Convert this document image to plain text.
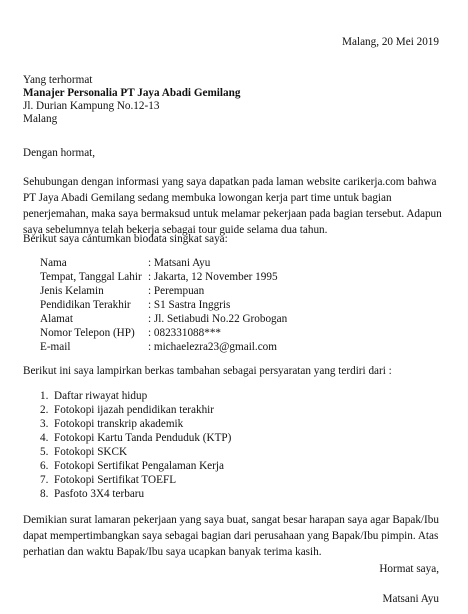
Malang, 20 Mei 2019
Yang terhormat
Manajer Personalia PT Jaya Abadi Gemilang
Jl. Durian Kampung No.12-13
Malang
Dengan hormat,
Sehubungan dengan informasi yang saya dapatkan pada laman website carikerja.com bahwa PT Jaya Abadi Gemilang sedang membuka lowongan kerja part time untuk bagian penerjemahan, maka saya bermaksud untuk melamar pekerjaan pada bagian tersebut. Adapun saya sebelumnya telah bekerja sebagai tour guide selama dua tahun.
Berikut saya cantumkan biodata singkat saya:
Nama	: Matsani Ayu
Tempat, Tanggal Lahir : Jakarta, 12 November 1995
Jenis Kelamin	: Perempuan
Pendidikan Terakhir : S1 Sastra Inggris
Alamat	: Jl. Setiabudi No.22 Grobogan
Nomor Telepon (HP) : 082331088***
E-mail	: michaelezra23@gmail.com
Berikut ini saya lampirkan berkas tambahan sebagai persyaratan yang terdiri dari :
1. Daftar riwayat hidup
2. Fotokopi ijazah pendidikan terakhir
3. Fotokopi transkrip akademik
4. Fotokopi Kartu Tanda Penduduk (KTP)
5. Fotokopi SKCK
6. Fotokopi Sertifikat Pengalaman Kerja
7. Fotokopi Sertifikat TOEFL
8. Pasfoto 3X4 terbaru
Demikian surat lamaran pekerjaan yang saya buat, sangat besar harapan saya agar Bapak/Ibu dapat mempertimbangkan saya sebagai bagian dari perusahaan yang Bapak/Ibu pimpin. Atas perhatian dan waktu Bapak/Ibu saya ucapkan banyak terima kasih.
Hormat saya,
Matsani Ayu
